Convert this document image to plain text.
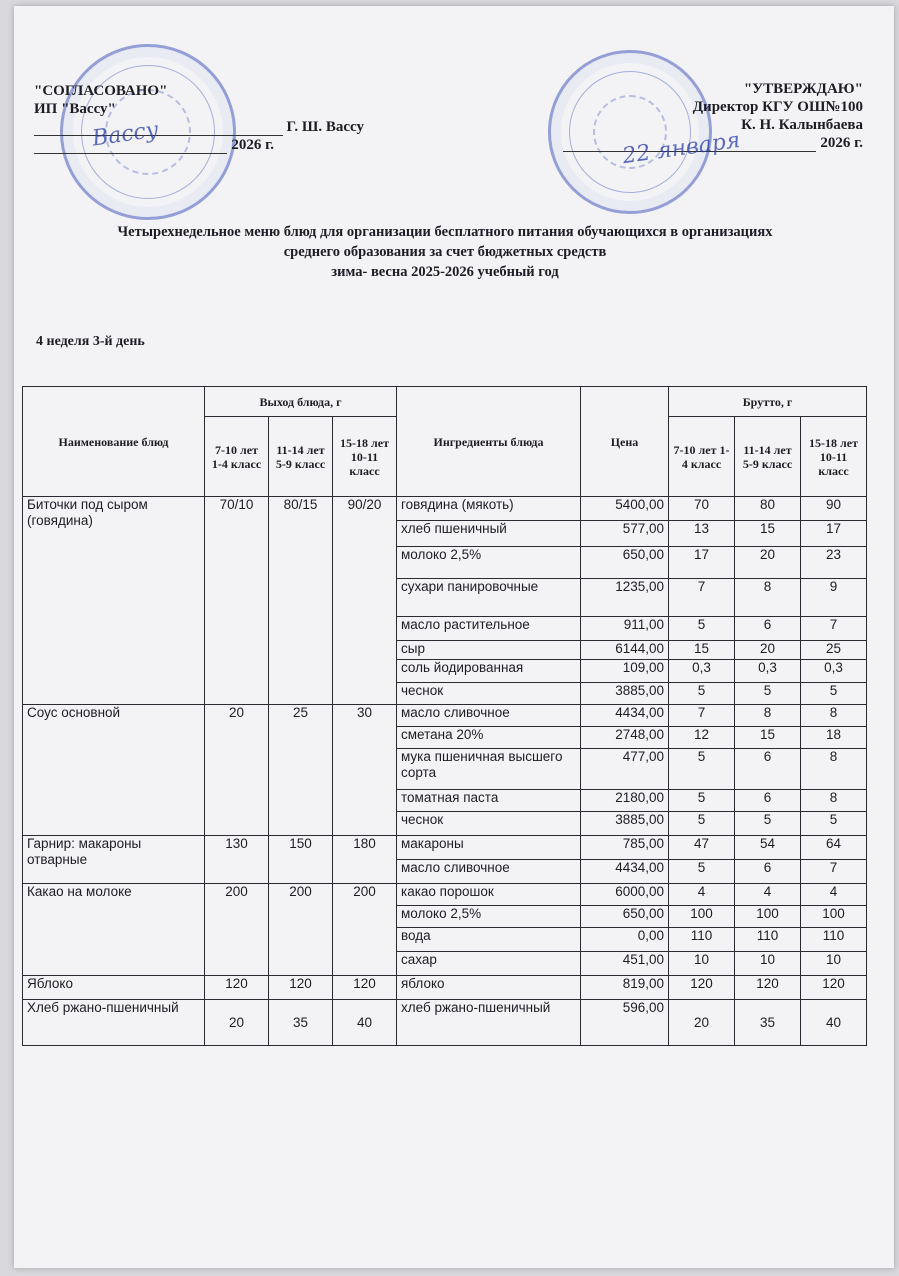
"СОГЛАСОВАНО"
ИП "Вассу"
Г. Ш. Вассу
2026 г.
Вассу
"УТВЕРЖДАЮ"
Директор КГУ ОШ№100
К. Н. Калынбаева
2026 г.
22 января
Четырехнедельное меню блюд для организации бесплатного питания обучающихся в организациях
среднего образования за счет бюджетных средств
зима- весна 2025-2026 учебный год
4 неделя 3-й день
Наименование блюд	Выход блюда, г			Ингредиенты блюда	Цена	Брутто, г		
	7-10 лет 1-4 класс	11-14 лет 5-9 класс	15-18 лет 10-11 класс			7-10 лет 1-4 класс	11-14 лет 5-9 класс	15-18 лет 10-11 класс
Биточки под сыром (говядина)	70/10	80/15	90/20	говядина (мякоть)	5400,00	70	80	90
				хлеб пшеничный	577,00	13	15	17
				молоко 2,5%	650,00	17	20	23
				сухари панировочные	1235,00	7	8	9
				масло растительное	911,00	5	6	7
				сыр	6144,00	15	20	25
				соль йодированная	109,00	0,3	0,3	0,3
				чеснок	3885,00	5	5	5
Соус основной	20	25	30	масло сливочное	4434,00	7	8	8
				сметана 20%	2748,00	12	15	18
				мука пшеничная высшего сорта	477,00	5	6	8
				томатная паста	2180,00	5	6	8
				чеснок	3885,00	5	5	5
Гарнир: макароны отварные	130	150	180	макароны	785,00	47	54	64
				масло сливочное	4434,00	5	6	7
Какао на молоке	200	200	200	какао порошок	6000,00	4	4	4
				молоко 2,5%	650,00	100	100	100
				вода	0,00	110	110	110
				сахар	451,00	10	10	10
Яблоко	120	120	120	яблоко	819,00	120	120	120
Хлеб ржано-пшеничный	20	35	40	хлеб ржано-пшеничный	596,00	20	35	40
